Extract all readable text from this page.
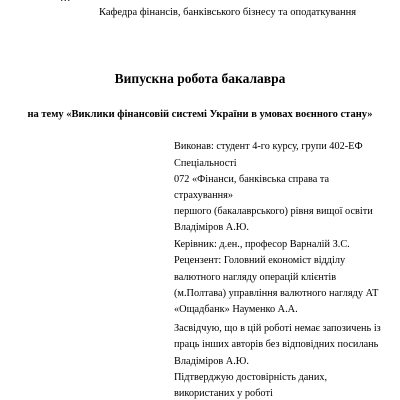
Кафедра фінансів, банківського бізнесу та оподаткування
Випускна робота бакалавра
на тему «Виклики фінансовій системі України в умовах воєнного стану»
Виконав: студент 4-го курсу, групи 402-ЕФ
Спеціальності
072 «Фінанси, банківська справа та
страхування»
першого (бакалаврського) рівня вищої освіти
Владіміров А.Ю.
Керівник: д.ен., професор Варналій З.С.
Рецензент: Головний економіст відділу
валютного нагляду операцій клієнтів
(м.Полтава) управління валютного нагляду АТ
«Ощадбанк» Науменко А.А.
Засвідчую, що в цій роботі немає запозичень із
праць інших авторів без відповідних посилань
Владіміров А.Ю.
Підтверджую достовірність даних,
використаних у роботі
